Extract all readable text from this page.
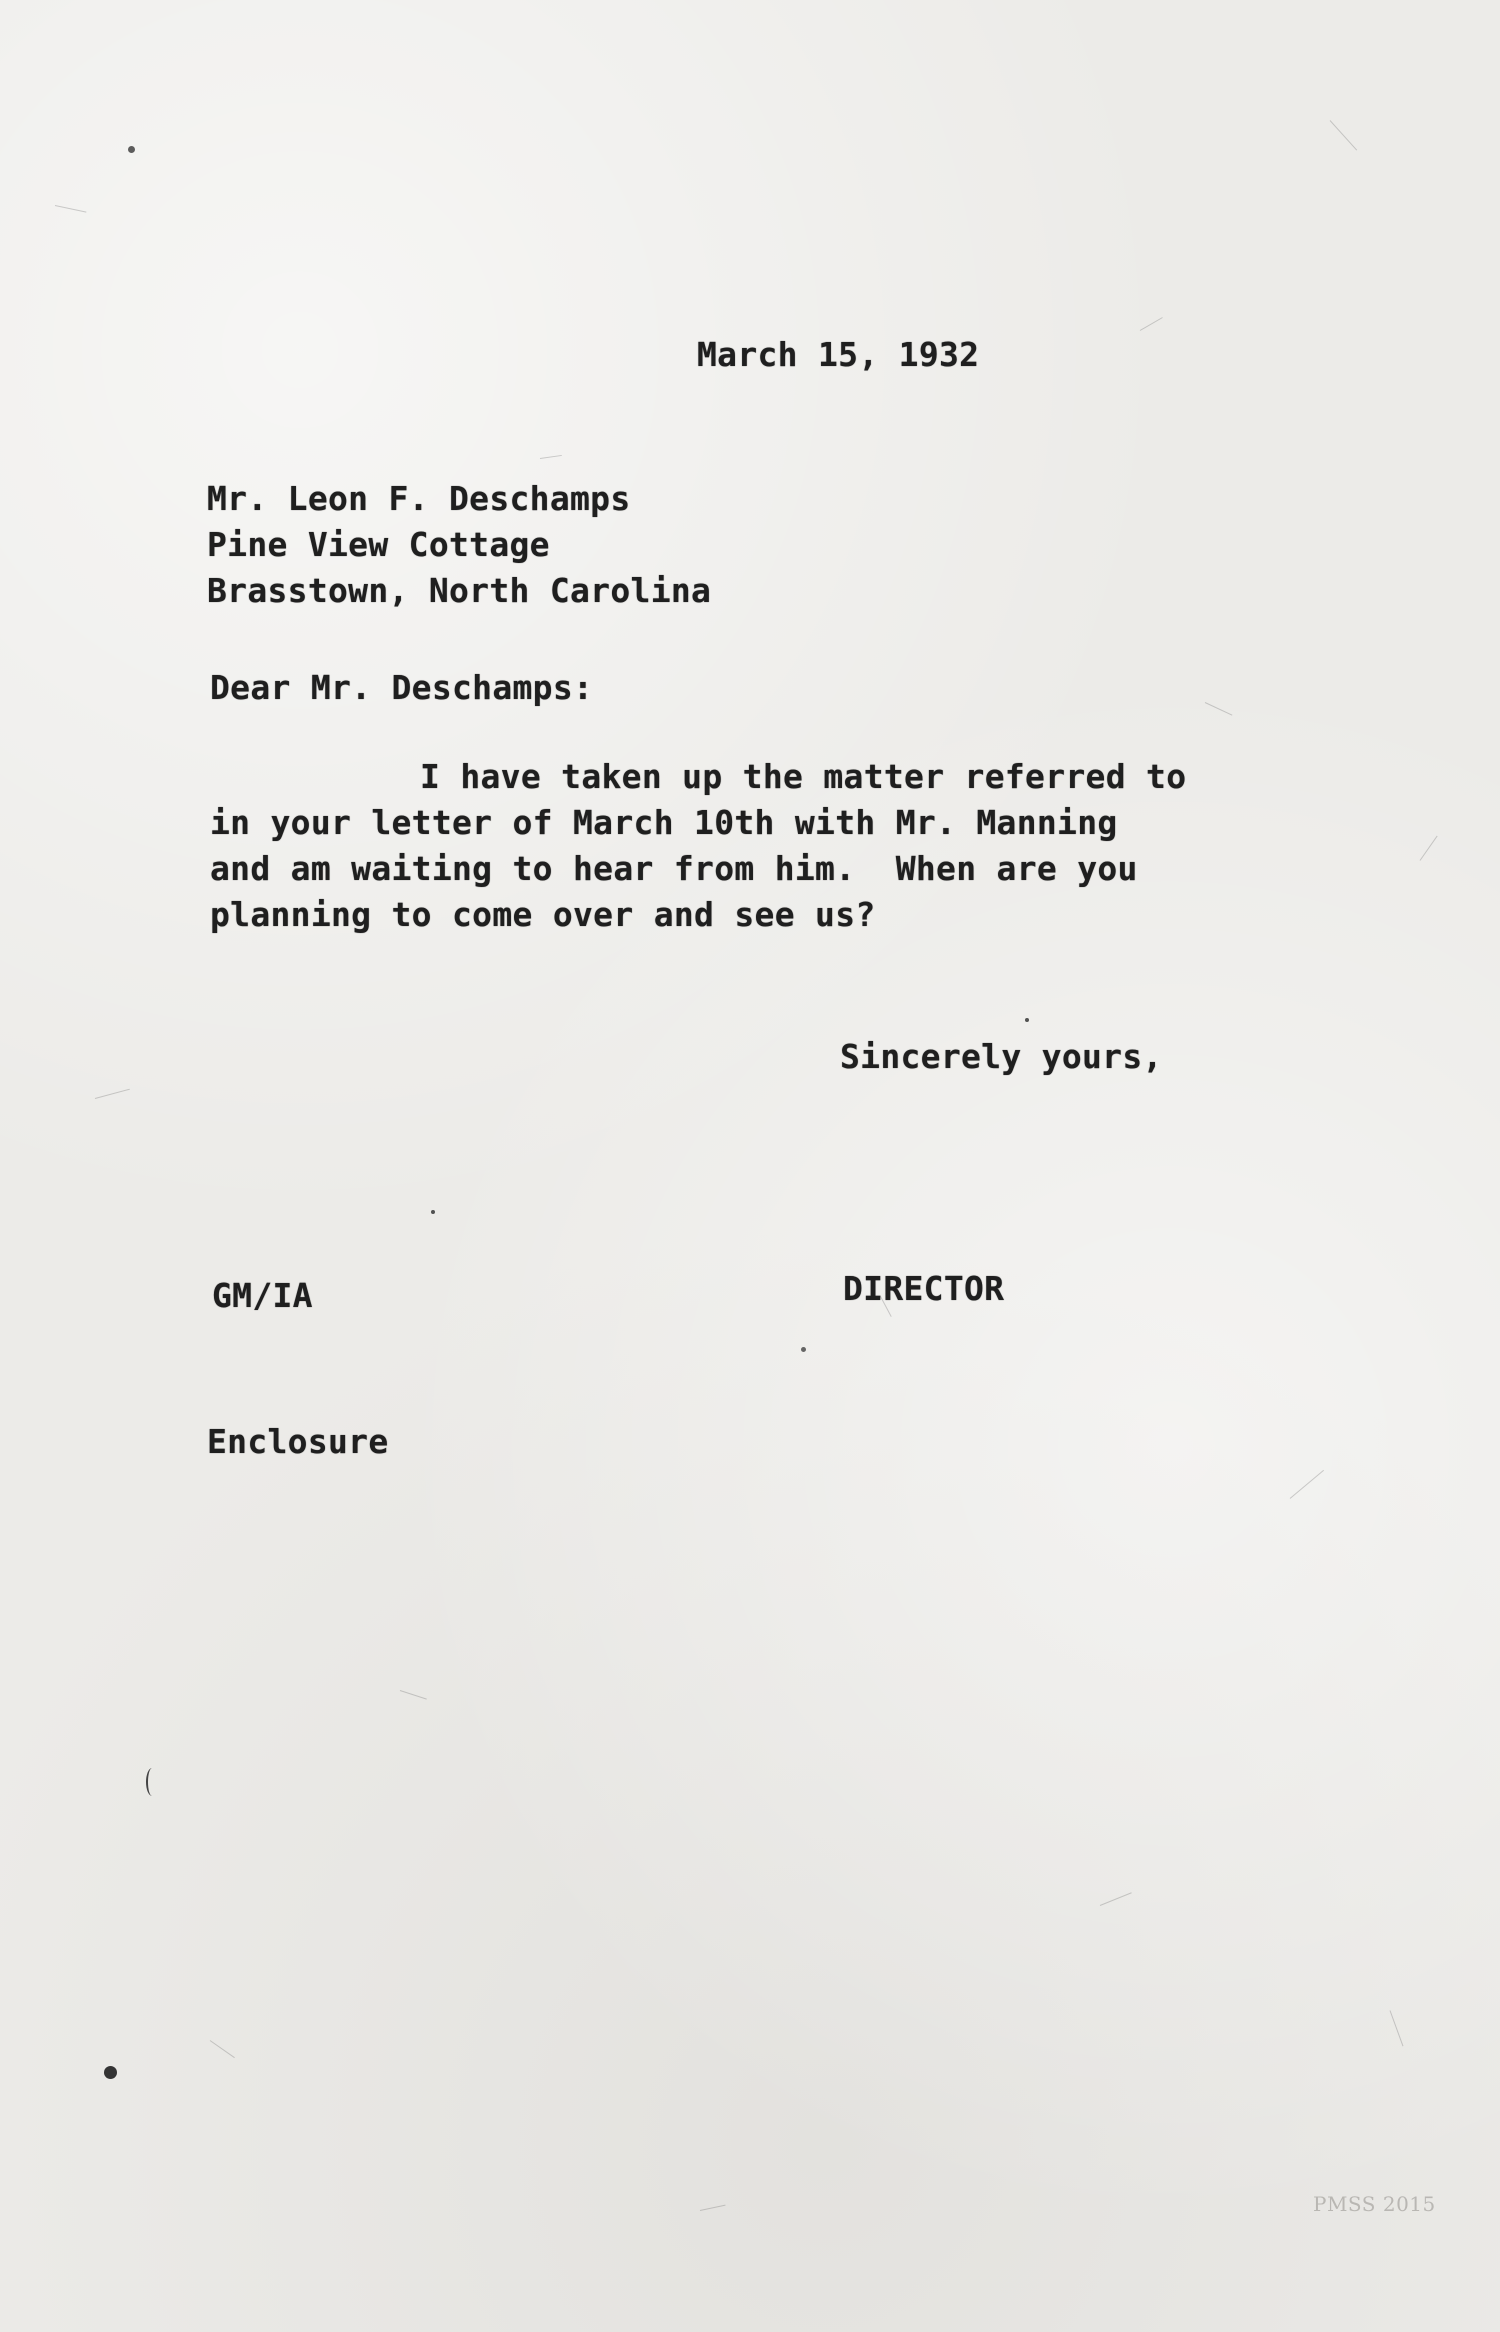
March 15, 1932
Mr. Leon F. Deschamps
Pine View Cottage
Brasstown, North Carolina
Dear Mr. Deschamps:
I have taken up the matter referred to
in your letter of March 10th with Mr. Manning
and am waiting to hear from him.  When are you
planning to come over and see us?
Sincerely yours,
GM/IA	DIRECTOR
Enclosure
PMSS 2015
